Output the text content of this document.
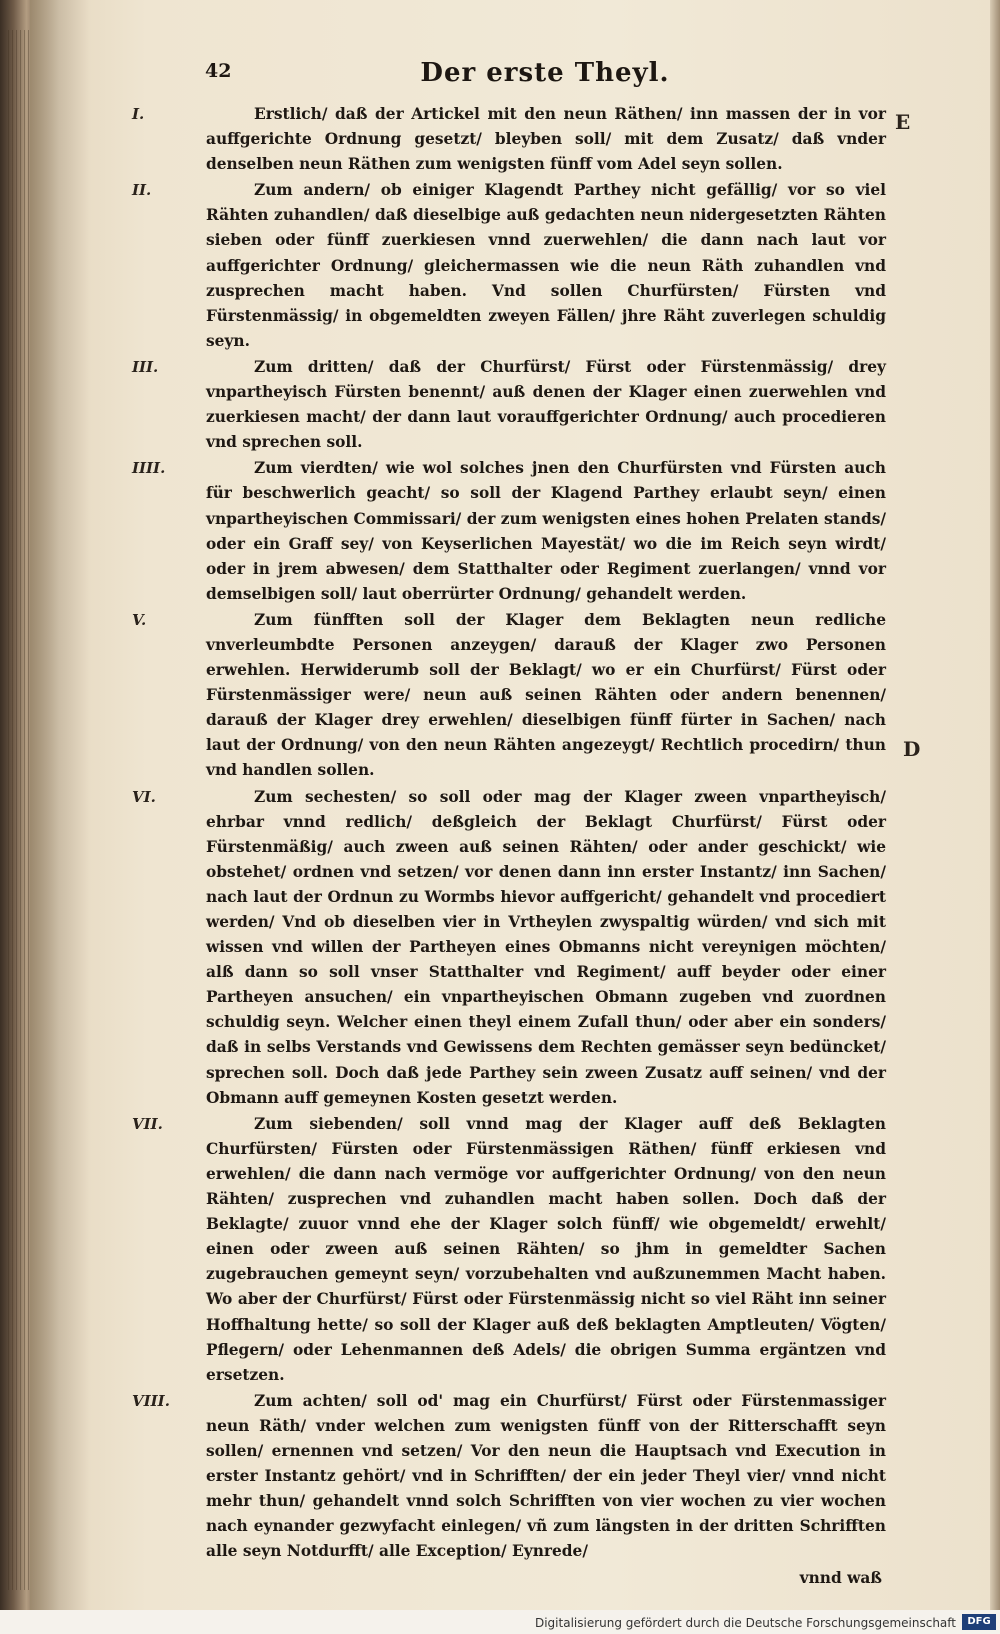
42	Der erste Theyl.
E
D
I.	Erstlich/ daß der Artickel mit den neun Räthen/ inn massen der in vor auffgerichte Ordnung gesetzt/ bleyben soll/ mit dem Zusatz/ daß vnder denselben neun Räthen zum wenigsten fünff vom Adel seyn sollen.

II.	Zum andern/ ob einiger Klagendt Parthey nicht gefällig/ vor so viel Rähten zuhandlen/ daß dieselbige auß gedachten neun nidergesetzten Rähten sieben oder fünff zuerkiesen vnnd zuerwehlen/ die dann nach laut vor auffgerichter Ordnung/ gleichermassen wie die neun Räth zuhandlen vnd zusprechen macht haben. Vnd sollen Churfürsten/ Fürsten vnd Fürstenmässig/ in obgemeldten zweyen Fällen/ jhre Räht zuverlegen schuldig seyn.

III.	Zum dritten/ daß der Churfürst/ Fürst oder Fürstenmässig/ drey vnpartheyisch Fürsten benennt/ auß denen der Klager einen zuerwehlen vnd zuerkiesen macht/ der dann laut vorauffgerichter Ordnung/ auch procedieren vnd sprechen soll.

IIII.	Zum vierdten/ wie wol solches jnen den Churfürsten vnd Fürsten auch für beschwerlich geacht/ so soll der Klagend Parthey erlaubt seyn/ einen vnpartheyischen Commissari/ der zum wenigsten eines hohen Prelaten stands/ oder ein Graff sey/ von Keyserlichen Mayestät/ wo die im Reich seyn wirdt/ oder in jrem abwesen/ dem Statthalter oder Regiment zuerlangen/ vnnd vor demselbigen soll/ laut oberrürter Ordnung/ gehandelt werden.

V.	Zum fünfften soll der Klager dem Beklagten neun redliche vnverleumbdte Personen anzeygen/ darauß der Klager zwo Personen erwehlen. Herwiderumb soll der Beklagt/ wo er ein Churfürst/ Fürst oder Fürstenmässiger were/ neun auß seinen Rähten oder andern benennen/ darauß der Klager drey erwehlen/ dieselbigen fünff fürter in Sachen/ nach laut der Ordnung/ von den neun Rähten angezeygt/ Rechtlich procedirn/ thun vnd handlen sollen.

VI.	Zum sechesten/ so soll oder mag der Klager zween vnpartheyisch/ ehrbar vnnd redlich/ deßgleich der Beklagt Churfürst/ Fürst oder Fürstenmäßig/ auch zween auß seinen Rähten/ oder ander geschickt/ wie obstehet/ ordnen vnd setzen/ vor denen dann inn erster Instantz/ inn Sachen/ nach laut der Ordnun zu Wormbs hievor auffgericht/ gehandelt vnd procediert werden/ Vnd ob dieselben vier in Vrtheylen zwyspaltig würden/ vnd sich mit wissen vnd willen der Partheyen eines Obmanns nicht vereynigen möchten/ alß dann so soll vnser Statthalter vnd Regiment/ auff beyder oder einer Partheyen ansuchen/ ein vnpartheyischen Obmann zugeben vnd zuordnen schuldig seyn. Welcher einen theyl einem Zufall thun/ oder aber ein sonders/ daß in selbs Verstands vnd Gewissens dem Rechten gemässer seyn bedüncket/ sprechen soll. Doch daß jede Parthey sein zween Zusatz auff seinen/ vnd der Obmann auff gemeynen Kosten gesetzt werden.

VII.	Zum siebenden/ soll vnnd mag der Klager auff deß Beklagten Churfürsten/ Fürsten oder Fürstenmässigen Räthen/ fünff erkiesen vnd erwehlen/ die dann nach vermöge vor auffgerichter Ordnung/ von den neun Rähten/ zusprechen vnd zuhandlen macht haben sollen. Doch daß der Beklagte/ zuuor vnnd ehe der Klager solch fünff/ wie obgemeldt/ erwehlt/ einen oder zween auß seinen Rähten/ so jhm in gemeldter Sachen zugebrauchen gemeynt seyn/ vorzubehalten vnd außzunemmen Macht haben. Wo aber der Churfürst/ Fürst oder Fürstenmässig nicht so viel Räht inn seiner Hoffhaltung hette/ so soll der Klager auß deß beklagten Amptleuten/ Vögten/ Pflegern/ oder Lehenmannen deß Adels/ die obrigen Summa ergäntzen vnd ersetzen.

VIII.	Zum achten/ soll od' mag ein Churfürst/ Fürst oder Fürstenmassiger neun Räth/ vnder welchen zum wenigsten fünff von der Ritterschafft seyn sollen/ ernennen vnd setzen/ Vor den neun die Hauptsach vnd Execution in erster Instantz gehört/ vnd in Schrifften/ der ein jeder Theyl vier/ vnnd nicht mehr thun/ gehandelt vnnd solch Schrifften von vier wochen zu vier wochen nach eynander gezwyfacht einlegen/ vñ zum längsten in der dritten Schrifften alle seyn Notdurfft/ alle Exception/ Eynrede/

vnnd waß
Digitalisierung gefördert durch die Deutsche Forschungsgemeinschaft	DFG
